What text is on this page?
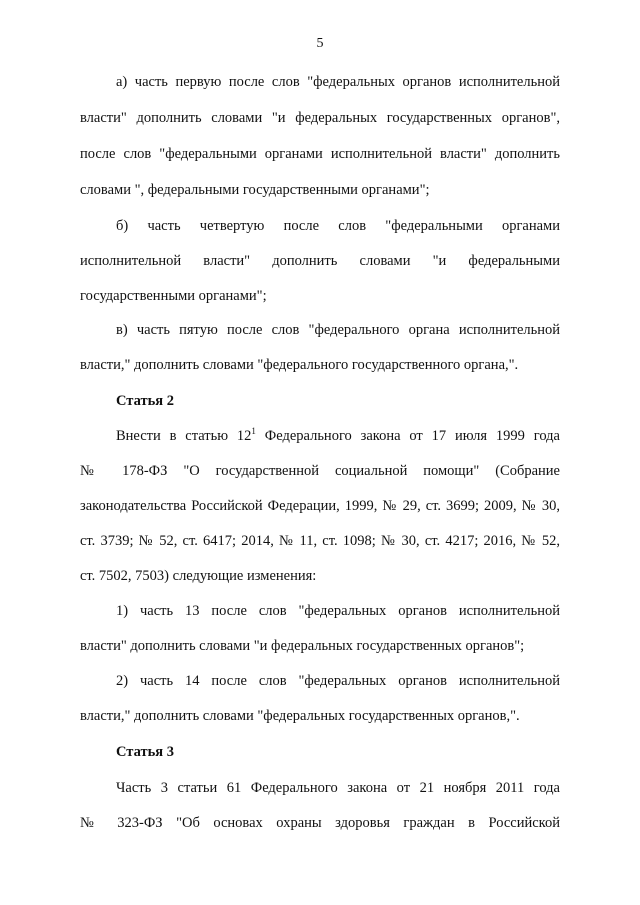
5
а) часть первую после слов "федеральных органов исполнительной
власти" дополнить словами "и федеральных государственных органов",
после слов "федеральными органами исполнительной власти" дополнить
словами ", федеральными государственными органами";
б) часть четвертую после слов "федеральными органами
исполнительной власти" дополнить словами "и федеральными
государственными органами";
в) часть пятую после слов "федерального органа исполнительной
власти," дополнить словами "федерального государственного органа,".
Статья 2
Внести в статью $12^1$ Федерального закона от 17 июля 1999 года
№ 178-ФЗ "О государственной социальной помощи" (Собрание
законодательства Российской Федерации, 1999, № 29, ст. 3699; 2009, № 30,
ст. 3739; № 52, ст. 6417; 2014, № 11, ст. 1098; № 30, ст. 4217; 2016, № 52,
ст. 7502, 7503) следующие изменения:
1) часть 13 после слов "федеральных органов исполнительной
власти" дополнить словами "и федеральных государственных органов";
2) часть 14 после слов "федеральных органов исполнительной
власти," дополнить словами "федеральных государственных органов,".
Статья 3
Часть 3 статьи 61 Федерального закона от 21 ноября 2011 года
№ 323-ФЗ "Об основах охраны здоровья граждан в Российской
